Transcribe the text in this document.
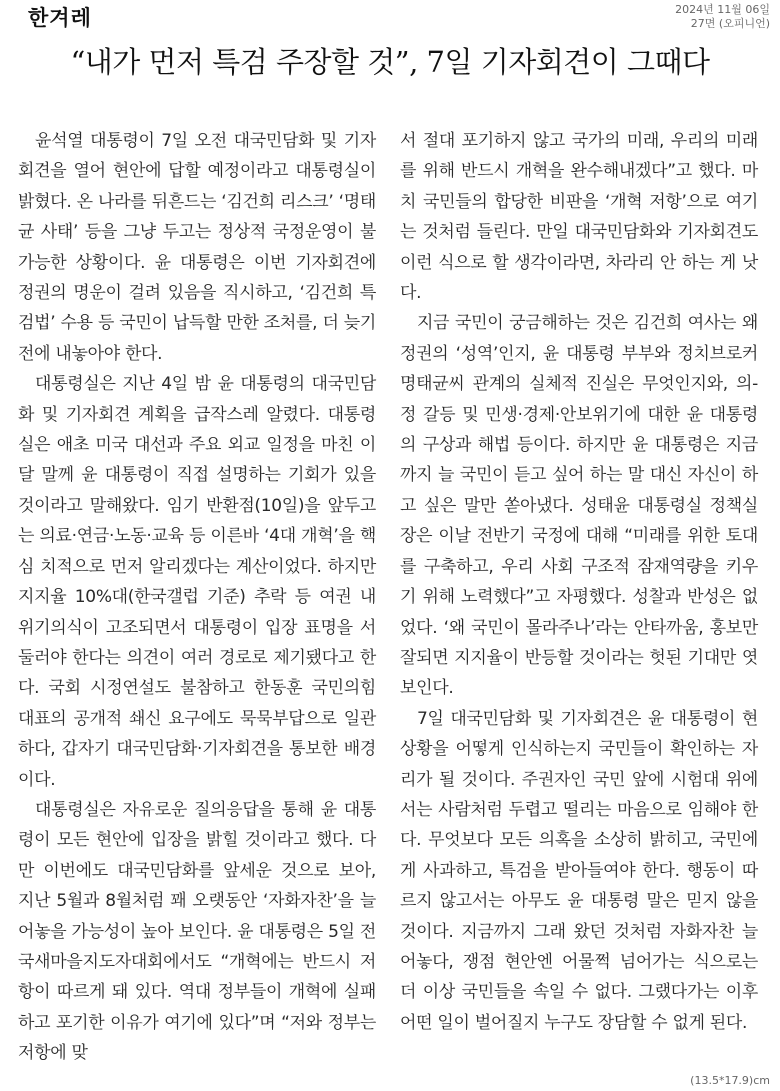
한겨레	2024년 11월 06일
27면 (오피니언)
“내가 먼저 특검 주장할 것”, 7일 기자회견이 그때다

윤석열 대통령이 7일 오전 대국민담화 및 기자회견을 열어 현안에 답할 예정이라고 대통령실이 밝혔다. 온 나라를 뒤흔드는 ‘김건희 리스크’ ‘명태균 사태’ 등을 그냥 두고는 정상적 국정운영이 불가능한 상황이다. 윤 대통령은 이번 기자회견에 정권의 명운이 걸려 있음을 직시하고, ‘김건희 특검법’ 수용 등 국민이 납득할 만한 조처를, 더 늦기 전에 내놓아야 한다.

대통령실은 지난 4일 밤 윤 대통령의 대국민담화 및 기자회견 계획을 급작스레 알렸다. 대통령실은 애초 미국 대선과 주요 외교 일정을 마친 이달 말께 윤 대통령이 직접 설명하는 기회가 있을 것이라고 말해왔다. 임기 반환점(10일)을 앞두고는 의료·연금·노동·교육 등 이른바 ‘4대 개혁’을 핵심 치적으로 먼저 알리겠다는 계산이었다. 하지만 지지율 10%대(한국갤럽 기준) 추락 등 여권 내 위기의식이 고조되면서 대통령이 입장 표명을 서둘러야 한다는 의견이 여러 경로로 제기됐다고 한다. 국회 시정연설도 불참하고 한동훈 국민의힘 대표의 공개적 쇄신 요구에도 묵묵부답으로 일관하다, 갑자기 대국민담화·기자회견을 통보한 배경이다.

대통령실은 자유로운 질의응답을 통해 윤 대통령이 모든 현안에 입장을 밝힐 것이라고 했다. 다만 이번에도 대국민담화를 앞세운 것으로 보아, 지난 5월과 8월처럼 꽤 오랫동안 ‘자화자찬’을 늘어놓을 가능성이 높아 보인다. 윤 대통령은 5일 전국새마을지도자대회에서도 “개혁에는 반드시 저항이 따르게 돼 있다. 역대 정부들이 개혁에 실패하고 포기한 이유가 여기에 있다”며 “저와 정부는 저항에 맞

서 절대 포기하지 않고 국가의 미래, 우리의 미래를 위해 반드시 개혁을 완수해내겠다”고 했다. 마치 국민들의 합당한 비판을 ‘개혁 저항’으로 여기는 것처럼 들린다. 만일 대국민담화와 기자회견도 이런 식으로 할 생각이라면, 차라리 안 하는 게 낫다.

지금 국민이 궁금해하는 것은 김건희 여사는 왜 정권의 ‘성역’인지, 윤 대통령 부부와 정치브로커 명태균씨 관계의 실체적 진실은 무엇인지와, 의-정 갈등 및 민생·경제·안보위기에 대한 윤 대통령의 구상과 해법 등이다. 하지만 윤 대통령은 지금까지 늘 국민이 듣고 싶어 하는 말 대신 자신이 하고 싶은 말만 쏟아냈다. 성태윤 대통령실 정책실장은 이날 전반기 국정에 대해 “미래를 위한 토대를 구축하고, 우리 사회 구조적 잠재역량을 키우기 위해 노력했다”고 자평했다. 성찰과 반성은 없었다. ‘왜 국민이 몰라주나’라는 안타까움, 홍보만 잘되면 지지율이 반등할 것이라는 헛된 기대만 엿보인다.

7일 대국민담화 및 기자회견은 윤 대통령이 현 상황을 어떻게 인식하는지 국민들이 확인하는 자리가 될 것이다. 주권자인 국민 앞에 시험대 위에 서는 사람처럼 두렵고 떨리는 마음으로 임해야 한다. 무엇보다 모든 의혹을 소상히 밝히고, 국민에게 사과하고, 특검을 받아들여야 한다. 행동이 따르지 않고서는 아무도 윤 대통령 말은 믿지 않을 것이다. 지금까지 그래 왔던 것처럼 자화자찬 늘어놓다, 쟁점 현안엔 어물쩍 넘어가는 식으로는 더 이상 국민들을 속일 수 없다. 그랬다가는 이후 어떤 일이 벌어질지 누구도 장담할 수 없게 된다.

(13.5*17.9)cm
